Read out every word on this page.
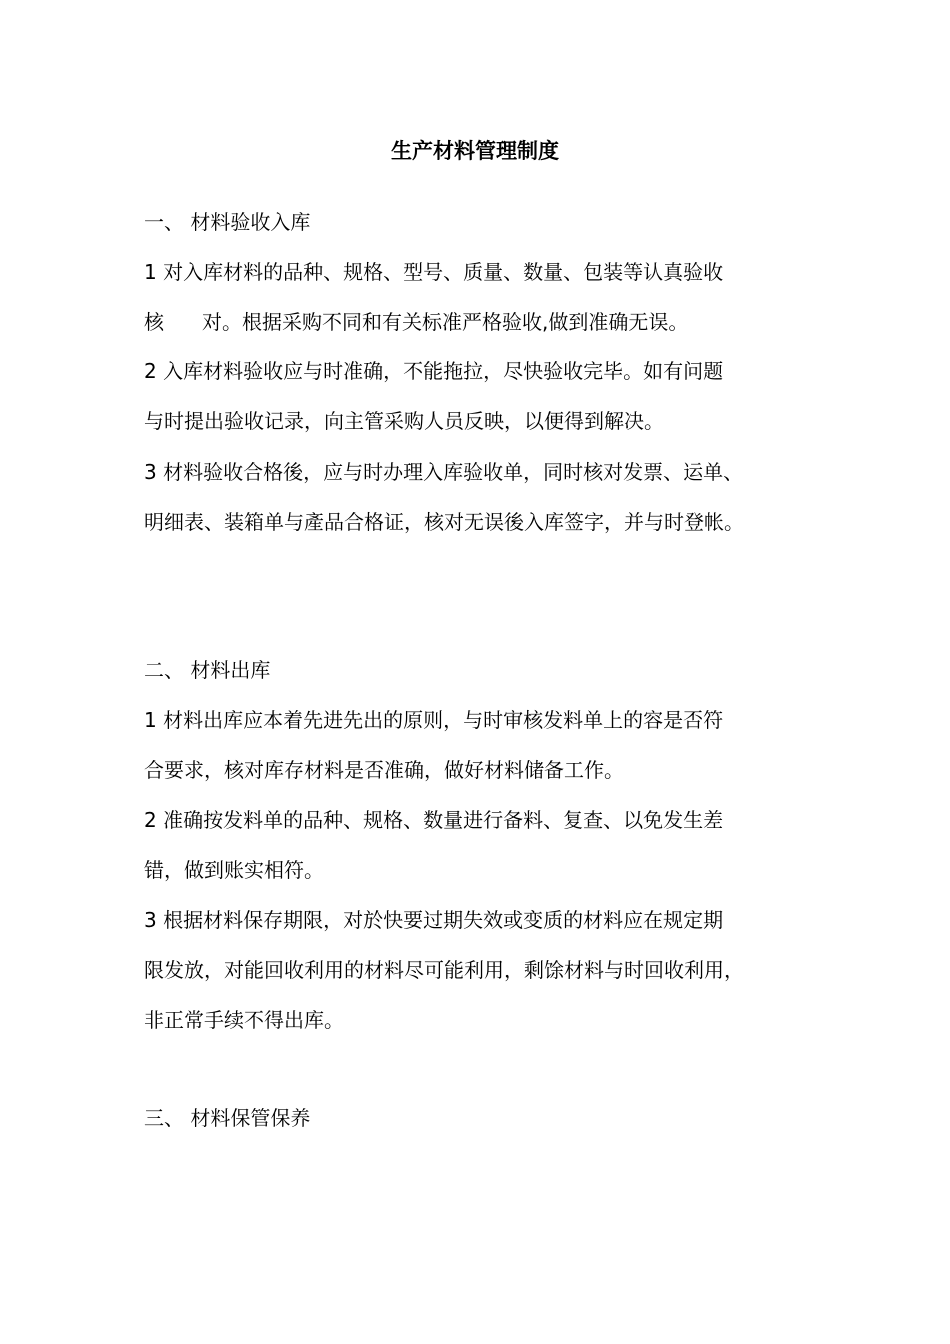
生产材料管理制度
一、 材料验收入库
1 对入库材料的品种、规格、型号、质量、数量、包装等认真验收
核 对。根据采购不同和有关标准严格验收,做到准确无误。
2 入库材料验收应与时准确，不能拖拉，尽快验收完毕。如有问题
与时提出验收记录，向主管采购人员反映，以便得到解决。
3 材料验收合格後，应与时办理入库验收单，同时核对发票、运单、
明细表、装箱单与產品合格证，核对无误後入库签字，并与时登帐。
二、 材料出库
1 材料出库应本着先进先出的原则，与时审核发料单上的容是否符
合要求，核对库存材料是否准确，做好材料储备工作。
2 准确按发料单的品种、规格、数量进行备料、复查、以免发生差
错，做到账实相符。
3 根据材料保存期限，对於快要过期失效或变质的材料应在规定期
限发放，对能回收利用的材料尽可能利用，剩馀材料与时回收利用，
非正常手续不得出库。
三、 材料保管保养
